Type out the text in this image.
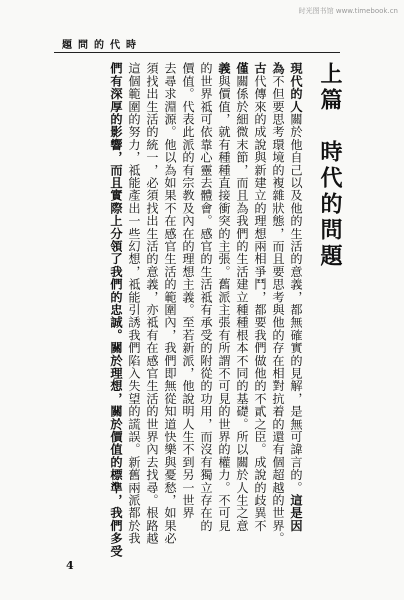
时光图书馆 www.timebook.cn
題問的代時
上篇時代的問題
現代的人關於他自己以及他的生活的意義，都無確實的見解，是無可諱言的。這是因
為不但要思考環境的複雜狀態，而且要思考與他的存在相對抗着的還有個超越的世界。
古代傳來的成說與新建立的理想兩相爭鬥，都要我們做他的不貳之臣。成說的歧異不
僅關係於細微末節，而且為我們的生活建立種種根本不同的基礎。所以關於人生之意
義與價值，就有種種直接衝突的主張。舊派主張有所謂不可見的世界的權力。不可見
的世界祗可依靠心靈去體會。感官的生活祗有承受的附從的功用，而沒有獨立存在的
價值。代表此派的有宗教及內在的理想主義。至若新派，他說明人生不到另一世界
去尋求淵源。他以為如果不在感官生活的範圍內，我們即無從知道快樂與憂愁，如果必
須找出生活的統一，必須找出生活的意義，亦祗有在感官生活的世界內去找尋。根路越
這個範圍的努力，祗能產出一些幻想，祗能引誘我們陷入失望的謊誤。新舊兩派都於我
們有深厚的影響，而且實際上分領了我們的忠誠。關於理想，關於價值的標準，我們多受
4
